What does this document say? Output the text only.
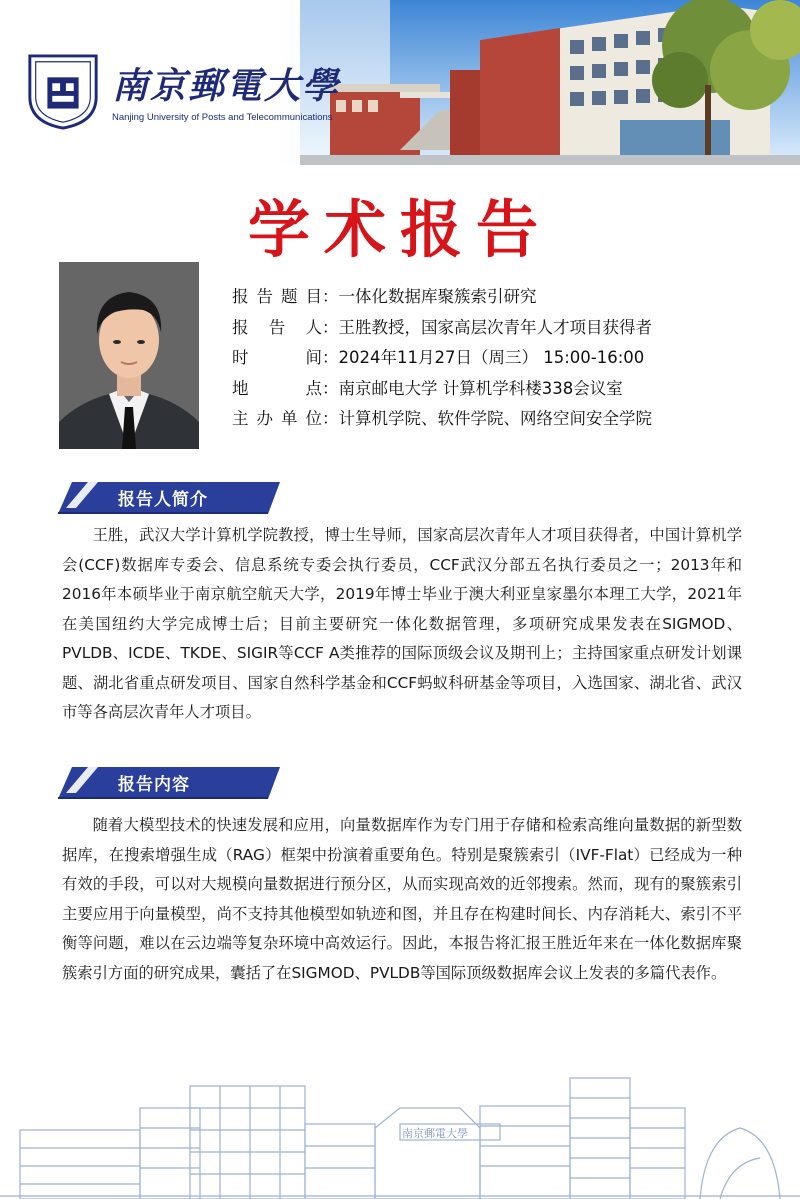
南京郵電大學
Nanjing University of Posts and Telecommunications
学术报告
报告题目 ： 一体化数据库聚簇索引研究
报告人 ： 王胜教授，国家高层次青年人才项目获得者
时间 ： 2024年11月27日（周三） 15:00-16:00
地点 ： 南京邮电大学 计算机学科楼338会议室
主办单位 ： 计算机学院、软件学院、网络空间安全学院
报告人简介
王胜，武汉大学计算机学院教授，博士生导师，国家高层次青年人才项目获得者，中国计算机学会(CCF)数据库专委会、信息系统专委会执行委员，CCF武汉分部五名执行委员之一；2013年和2016年本硕毕业于南京航空航天大学，2019年博士毕业于澳大利亚皇家墨尔本理工大学，2021年在美国纽约大学完成博士后；目前主要研究一体化数据管理，多项研究成果发表在SIGMOD、 PVLDB、ICDE、TKDE、SIGIR等CCF A类推荐的国际顶级会议及期刊上；主持国家重点研发计划课题、湖北省重点研发项目、国家自然科学基金和CCF蚂蚁科研基金等项目，入选国家、湖北省、武汉市等各高层次青年人才项目。
报告内容
随着大模型技术的快速发展和应用，向量数据库作为专门用于存储和检索高维向量数据的新型数据库，在搜索增强生成（RAG）框架中扮演着重要角色。特别是聚簇索引（IVF-Flat）已经成为一种有效的手段，可以对大规模向量数据进行预分区，从而实现高效的近邻搜索。然而，现有的聚簇索引主要应用于向量模型，尚不支持其他模型如轨迹和图，并且存在构建时间长、内存消耗大、索引不平衡等问题，难以在云边端等复杂环境中高效运行。因此，本报告将汇报王胜近年来在一体化数据库聚簇索引方面的研究成果，囊括了在SIGMOD、PVLDB等国际顶级数据库会议上发表的多篇代表作。
南京郵電大學
